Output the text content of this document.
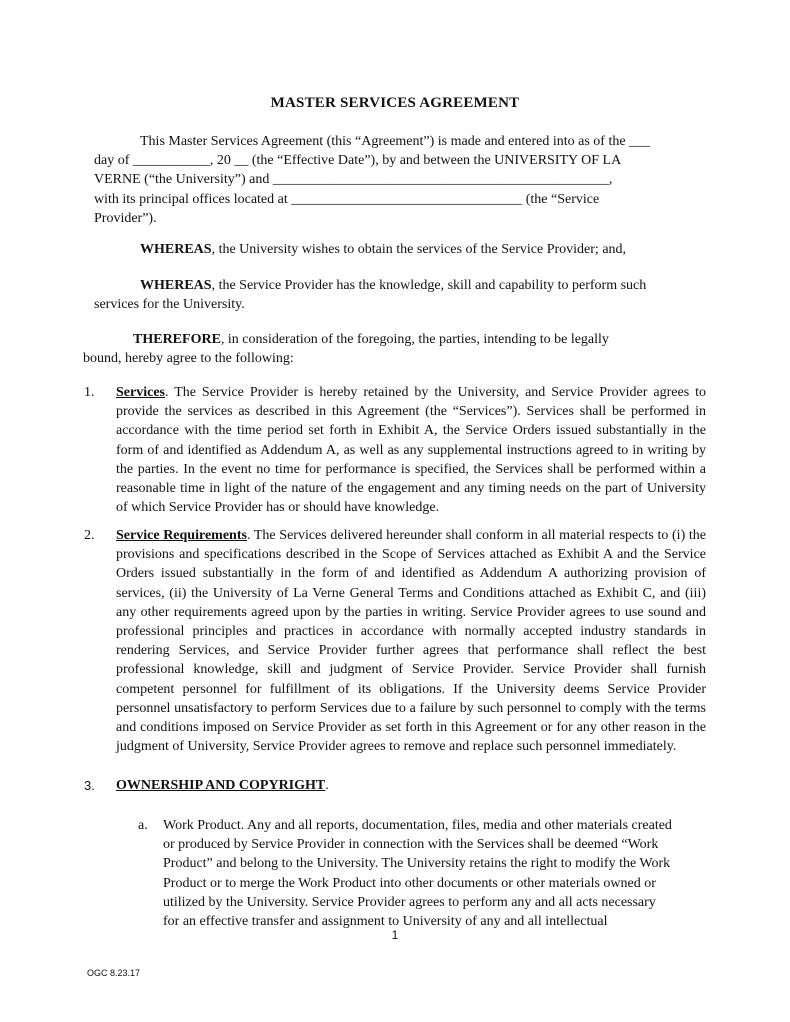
MASTER SERVICES AGREEMENT
This Master Services Agreement (this “Agreement”) is made and entered into as of the ___
day of ___________, 20 __ (the “Effective Date”), by and between the UNIVERSITY OF LA
VERNE (“the University”) and ________________________________________________,
with its principal offices located at _________________________________ (the “Service
Provider”).
WHEREAS, the University wishes to obtain the services of the Service Provider; and,
WHEREAS, the Service Provider has the knowledge, skill and capability to perform such
services for the University.
THEREFORE, in consideration of the foregoing, the parties, intending to be legally
bound, hereby agree to the following:
1. Services. The Service Provider is hereby retained by the University, and Service Provider agrees to provide the services as described in this Agreement (the “Services”). Services shall be performed in accordance with the time period set forth in Exhibit A, the Service Orders issued substantially in the form of and identified as Addendum A, as well as any supplemental instructions agreed to in writing by the parties. In the event no time for performance is specified, the Services shall be performed within a reasonable time in light of the nature of the engagement and any timing needs on the part of University of which Service Provider has or should have knowledge.
2. Service Requirements. The Services delivered hereunder shall conform in all material respects to (i) the provisions and specifications described in the Scope of Services attached as Exhibit A and the Service Orders issued substantially in the form of and identified as Addendum A authorizing provision of services, (ii) the University of La Verne General Terms and Conditions attached as Exhibit C, and (iii) any other requirements agreed upon by the parties in writing. Service Provider agrees to use sound and professional principles and practices in accordance with normally accepted industry standards in rendering Services, and Service Provider further agrees that performance shall reflect the best professional knowledge, skill and judgment of Service Provider. Service Provider shall furnish competent personnel for fulfillment of its obligations. If the University deems Service Provider personnel unsatisfactory to perform Services due to a failure by such personnel to comply with the terms and conditions imposed on Service Provider as set forth in this Agreement or for any other reason in the judgment of University, Service Provider agrees to remove and replace such personnel immediately.
3. OWNERSHIP AND COPYRIGHT.
a. Work Product. Any and all reports, documentation, files, media and other materials created
or produced by Service Provider in connection with the Services shall be deemed “Work
Product” and belong to the University. The University retains the right to modify the Work
Product or to merge the Work Product into other documents or other materials owned or
utilized by the University. Service Provider agrees to perform any and all acts necessary
for an effective transfer and assignment to University of any and all intellectual
1
OGC 8.23.17
